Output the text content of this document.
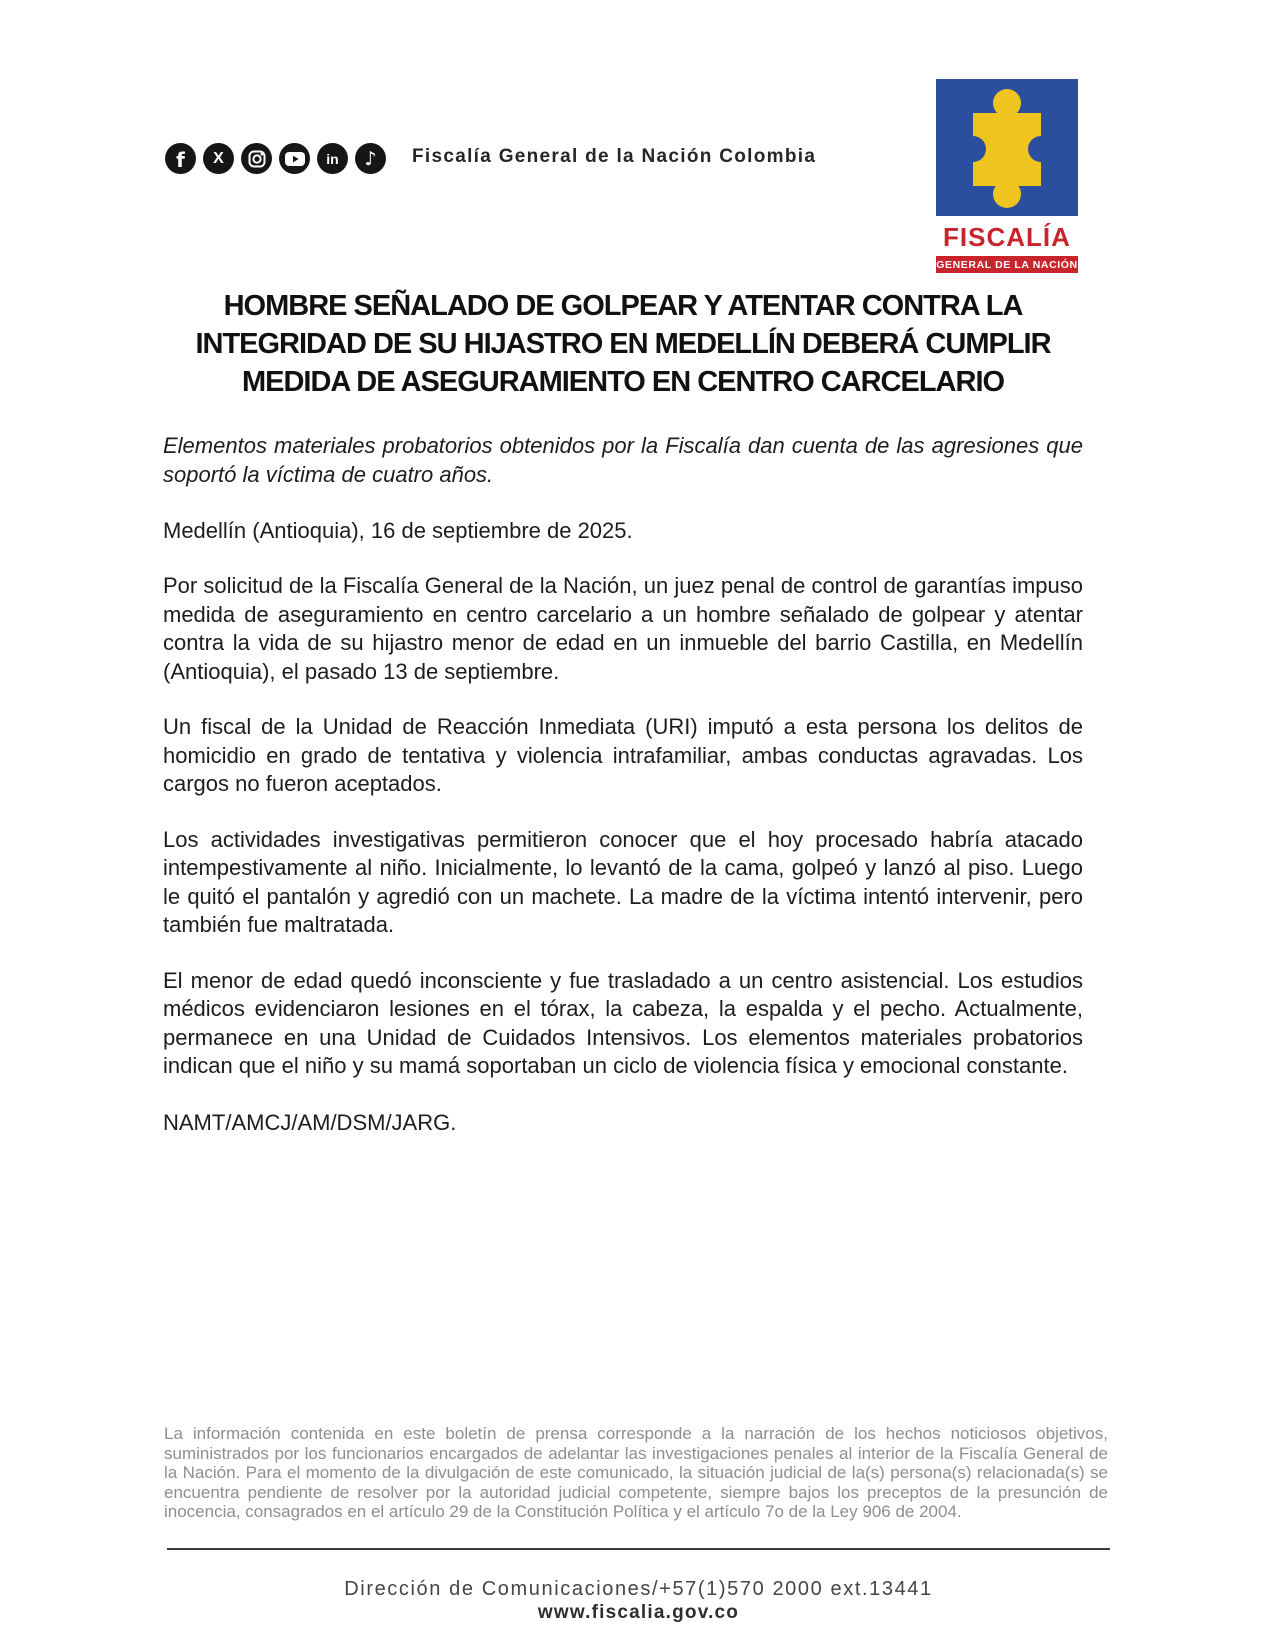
f X	in ♪ Fiscalía General de la Nación Colombia
FISCALÍA
GENERAL DE LA NACIÓN
HOMBRE SEÑALADO DE GOLPEAR Y ATENTAR CONTRA LA
INTEGRIDAD DE SU HIJASTRO EN MEDELLÍN DEBERÁ CUMPLIR
MEDIDA DE ASEGURAMIENTO EN CENTRO CARCELARIO

Elementos materiales probatorios obtenidos por la Fiscalía dan cuenta de las agresiones que soportó la víctima de cuatro años.

Medellín (Antioquia), 16 de septiembre de 2025.

Por solicitud de la Fiscalía General de la Nación, un juez penal de control de garantías impuso medida de aseguramiento en centro carcelario a un hombre señalado de golpear y atentar contra la vida de su hijastro menor de edad en un inmueble del barrio Castilla, en Medellín (Antioquia), el pasado 13 de septiembre.

Un fiscal de la Unidad de Reacción Inmediata (URI) imputó a esta persona los delitos de homicidio en grado de tentativa y violencia intrafamiliar, ambas conductas agravadas. Los cargos no fueron aceptados.

Los actividades investigativas permitieron conocer que el hoy procesado habría atacado intempestivamente al niño. Inicialmente, lo levantó de la cama, golpeó y lanzó al piso. Luego le quitó el pantalón y agredió con un machete. La madre de la víctima intentó intervenir, pero también fue maltratada.

El menor de edad quedó inconsciente y fue trasladado a un centro asistencial. Los estudios médicos evidenciaron lesiones en el tórax, la cabeza, la espalda y el pecho. Actualmente, permanece en una Unidad de Cuidados Intensivos. Los elementos materiales probatorios indican que el niño y su mamá soportaban un ciclo de violencia física y emocional constante.

NAMT/AMCJ/AM/DSM/JARG.

La información contenida en este boletín de prensa corresponde a la narración de los hechos noticiosos objetivos, suministrados por los funcionarios encargados de adelantar las investigaciones penales al interior de la Fiscalía General de la Nación. Para el momento de la divulgación de este comunicado, la situación judicial de la(s) persona(s) relacionada(s) se encuentra pendiente de resolver por la autoridad judicial competente, siempre bajos los preceptos de la presunción de inocencia, consagrados en el artículo 29 de la Constitución Política y el artículo 7o de la Ley 906 de 2004.
Dirección de Comunicaciones/+57(1)570 2000 ext.13441
www.fiscalia.gov.co
